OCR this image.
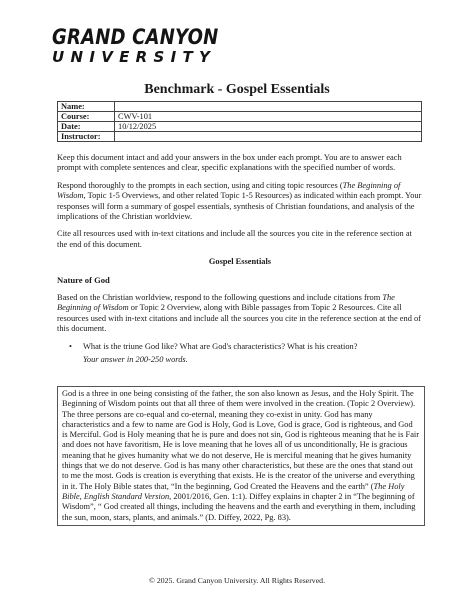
GRAND CANYON
UNIVERSITY
Benchmark - Gospel Essentials
Name:	
Course:	CWV-101
Date:	10/12/2025
Instructor:	

Keep this document intact and add your answers in the box under each prompt. You are to answer each prompt with complete sentences and clear, specific explanations with the specified number of words.

Respond thoroughly to the prompts in each section, using and citing topic resources (The Beginning of Wisdom, Topic 1-5 Overviews, and other related Topic 1-5 Resources) as indicated within each prompt. Your responses will form a summary of gospel essentials, synthesis of Christian foundations, and analysis of the implications of the Christian worldview.

Cite all resources used with in-text citations and include all the sources you cite in the reference section at the end of this document.

Gospel Essentials
Nature of God

Based on the Christian worldview, respond to the following questions and include citations from The Beginning of Wisdom or Topic 2 Overview, along with Bible passages from Topic 2 Resources. Cite all resources used with in-text citations and include all the sources you cite in the reference section at the end of this document.

• What is the triune God like? What are God's characteristics? What is his creation?
Your answer in 200-250 words.
God is a three in one being consisting of the father, the son also known as Jesus, and the Holy Spirit. The Beginning of Wisdom points out that all three of them were involved in the creation. (Topic 2 Overview). The three persons are co-equal and co-eternal, meaning they co-exist in unity. God has many characteristics and a few to name are God is Holy, God is Love, God is grace, God is righteous, and God is Merciful. God is Holy meaning that he is pure and does not sin, God is righteous meaning that he is Fair and does not have favoritism, He is love meaning that he loves all of us unconditionally, He is gracious meaning that he gives humanity what we do not deserve, He is merciful meaning that he gives humanity things that we do not deserve. God is has many other characteristics, but these are the ones that stand out to me the most. Gods is creation is everything that exists. He is the creator of the universe and everything in it. The Holy Bible states that, “In the beginning, God Created the Heavens and the earth” (The Holy Bible, English Standard Version, 2001/2016, Gen. 1:1). Diffey explains in chapter 2 in “The beginning of Wisdom”, “ God created all things, including the heavens and the earth and everything in them, including the sun, moon, stars, plants, and animals.” (D. Diffey, 2022, Pg. 83).
© 2025. Grand Canyon University. All Rights Reserved.
